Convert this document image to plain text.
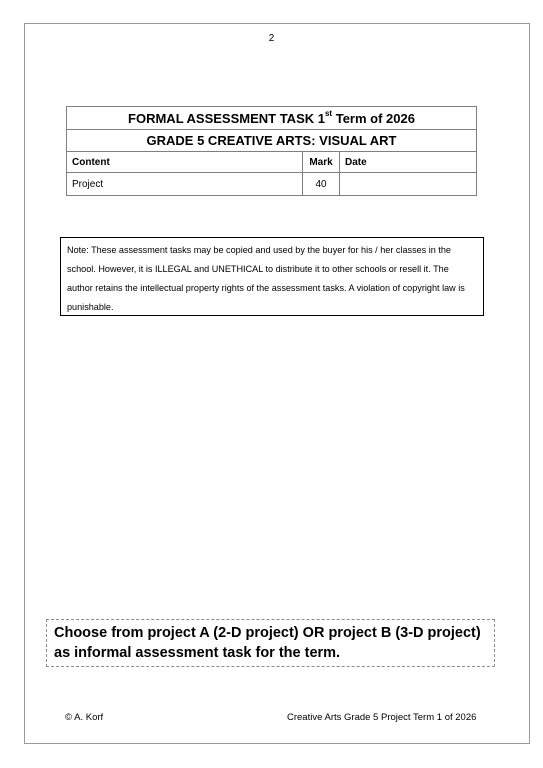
2
FORMAL ASSESSMENT TASK 1st Term of 2026		
GRADE 5 CREATIVE ARTS: VISUAL ART		
Content	Mark	Date
Project	40	
Note: These assessment tasks may be copied and used by the buyer for his / her classes in the school. However, it is ILLEGAL and UNETHICAL to distribute it to other schools or resell it. The author retains the intellectual property rights of the assessment tasks. A violation of copyright law is punishable.
Choose from project A (2-D project) OR project B (3-D project) as informal assessment task for the term.
© A. Korf	Creative Arts Grade 5 Project Term 1 of 2026
